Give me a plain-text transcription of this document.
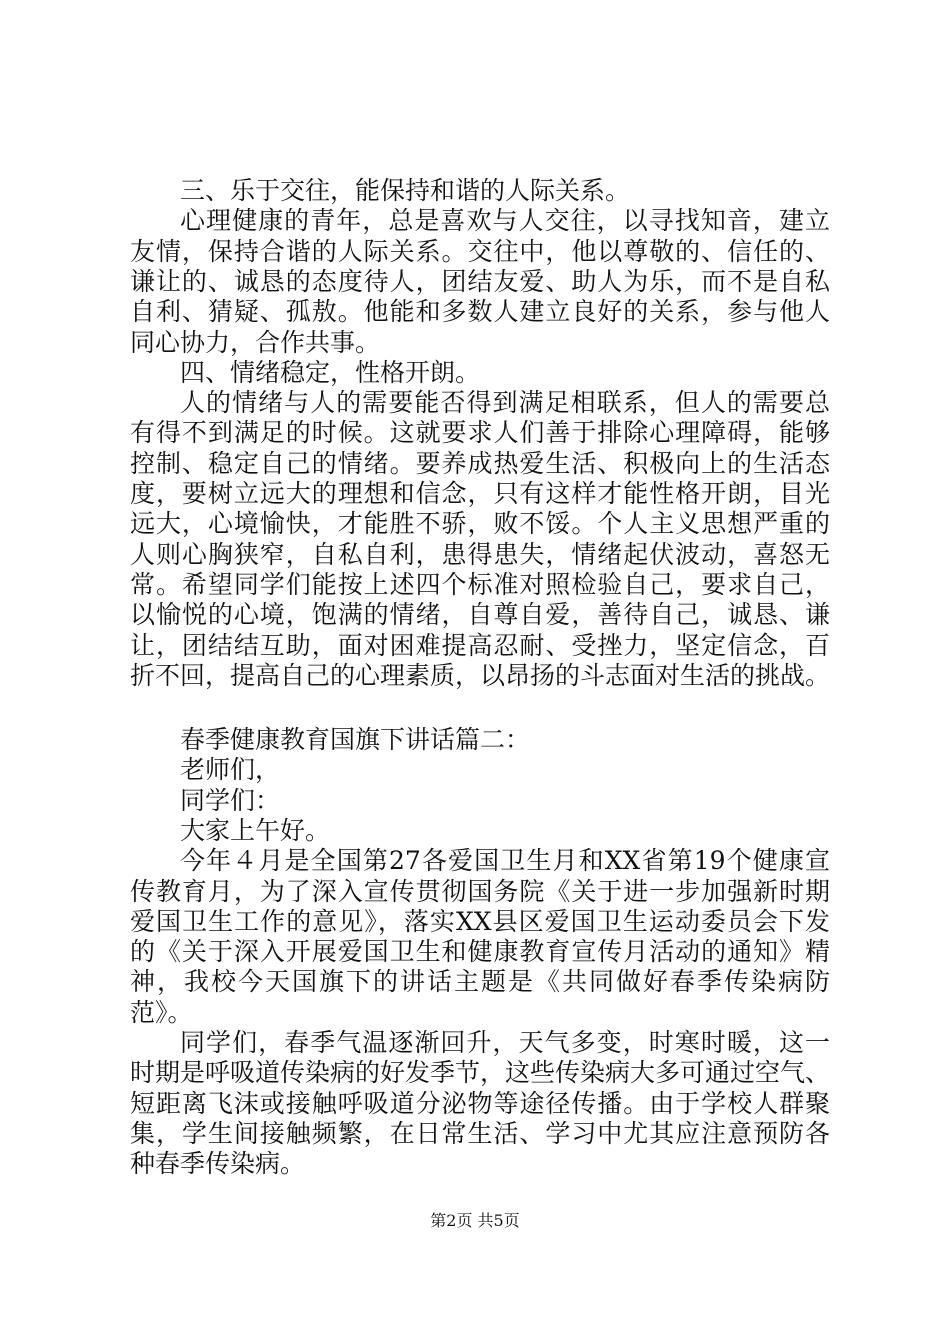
三、乐于交往，能保持和谐的人际关系。
心理健康的青年，总是喜欢与人交往，以寻找知音，建立
友情，保持合谐的人际关系。交往中，他以尊敬的、信任的、
谦让的、诚恳的态度待人，团结友爱、助人为乐，而不是自私
自利、猜疑、孤敖。他能和多数人建立良好的关系，参与他人
同心协力，合作共事。
四、情绪稳定，性格开朗。
人的情绪与人的需要能否得到满足相联系，但人的需要总
有得不到满足的时候。这就要求人们善于排除心理障碍，能够
控制、稳定自己的情绪。要养成热爱生活、积极向上的生活态
度，要树立远大的理想和信念，只有这样才能性格开朗，目光
远大，心境愉快，才能胜不骄，败不馁。个人主义思想严重的
人则心胸狭窄，自私自利，患得患失，情绪起伏波动，喜怒无
常。希望同学们能按上述四个标准对照检验自己，要求自己，
以愉悦的心境，饱满的情绪，自尊自爱，善待自己，诚恳、谦
让，团结结互助，面对困难提高忍耐、受挫力，坚定信念，百
折不回，提高自己的心理素质，以昂扬的斗志面对生活的挑战。
春季健康教育国旗下讲话篇二：
老师们，
同学们：
大家上午好。
今年４月是全国第27各爱国卫生月和XX省第19个健康宣
传教育月，为了深入宣传贯彻国务院《关于进一步加强新时期
爱国卫生工作的意见》，落实XX县区爱国卫生运动委员会下发
的《关于深入开展爱国卫生和健康教育宣传月活动的通知》精
神，我校今天国旗下的讲话主题是《共同做好春季传染病防
范》。
同学们，春季气温逐渐回升，天气多变，时寒时暖，这一
时期是呼吸道传染病的好发季节，这些传染病大多可通过空气、
短距离飞沫或接触呼吸道分泌物等途径传播。由于学校人群聚
集，学生间接触频繁，在日常生活、学习中尤其应注意预防各
种春季传染病。
第2页 共5页
